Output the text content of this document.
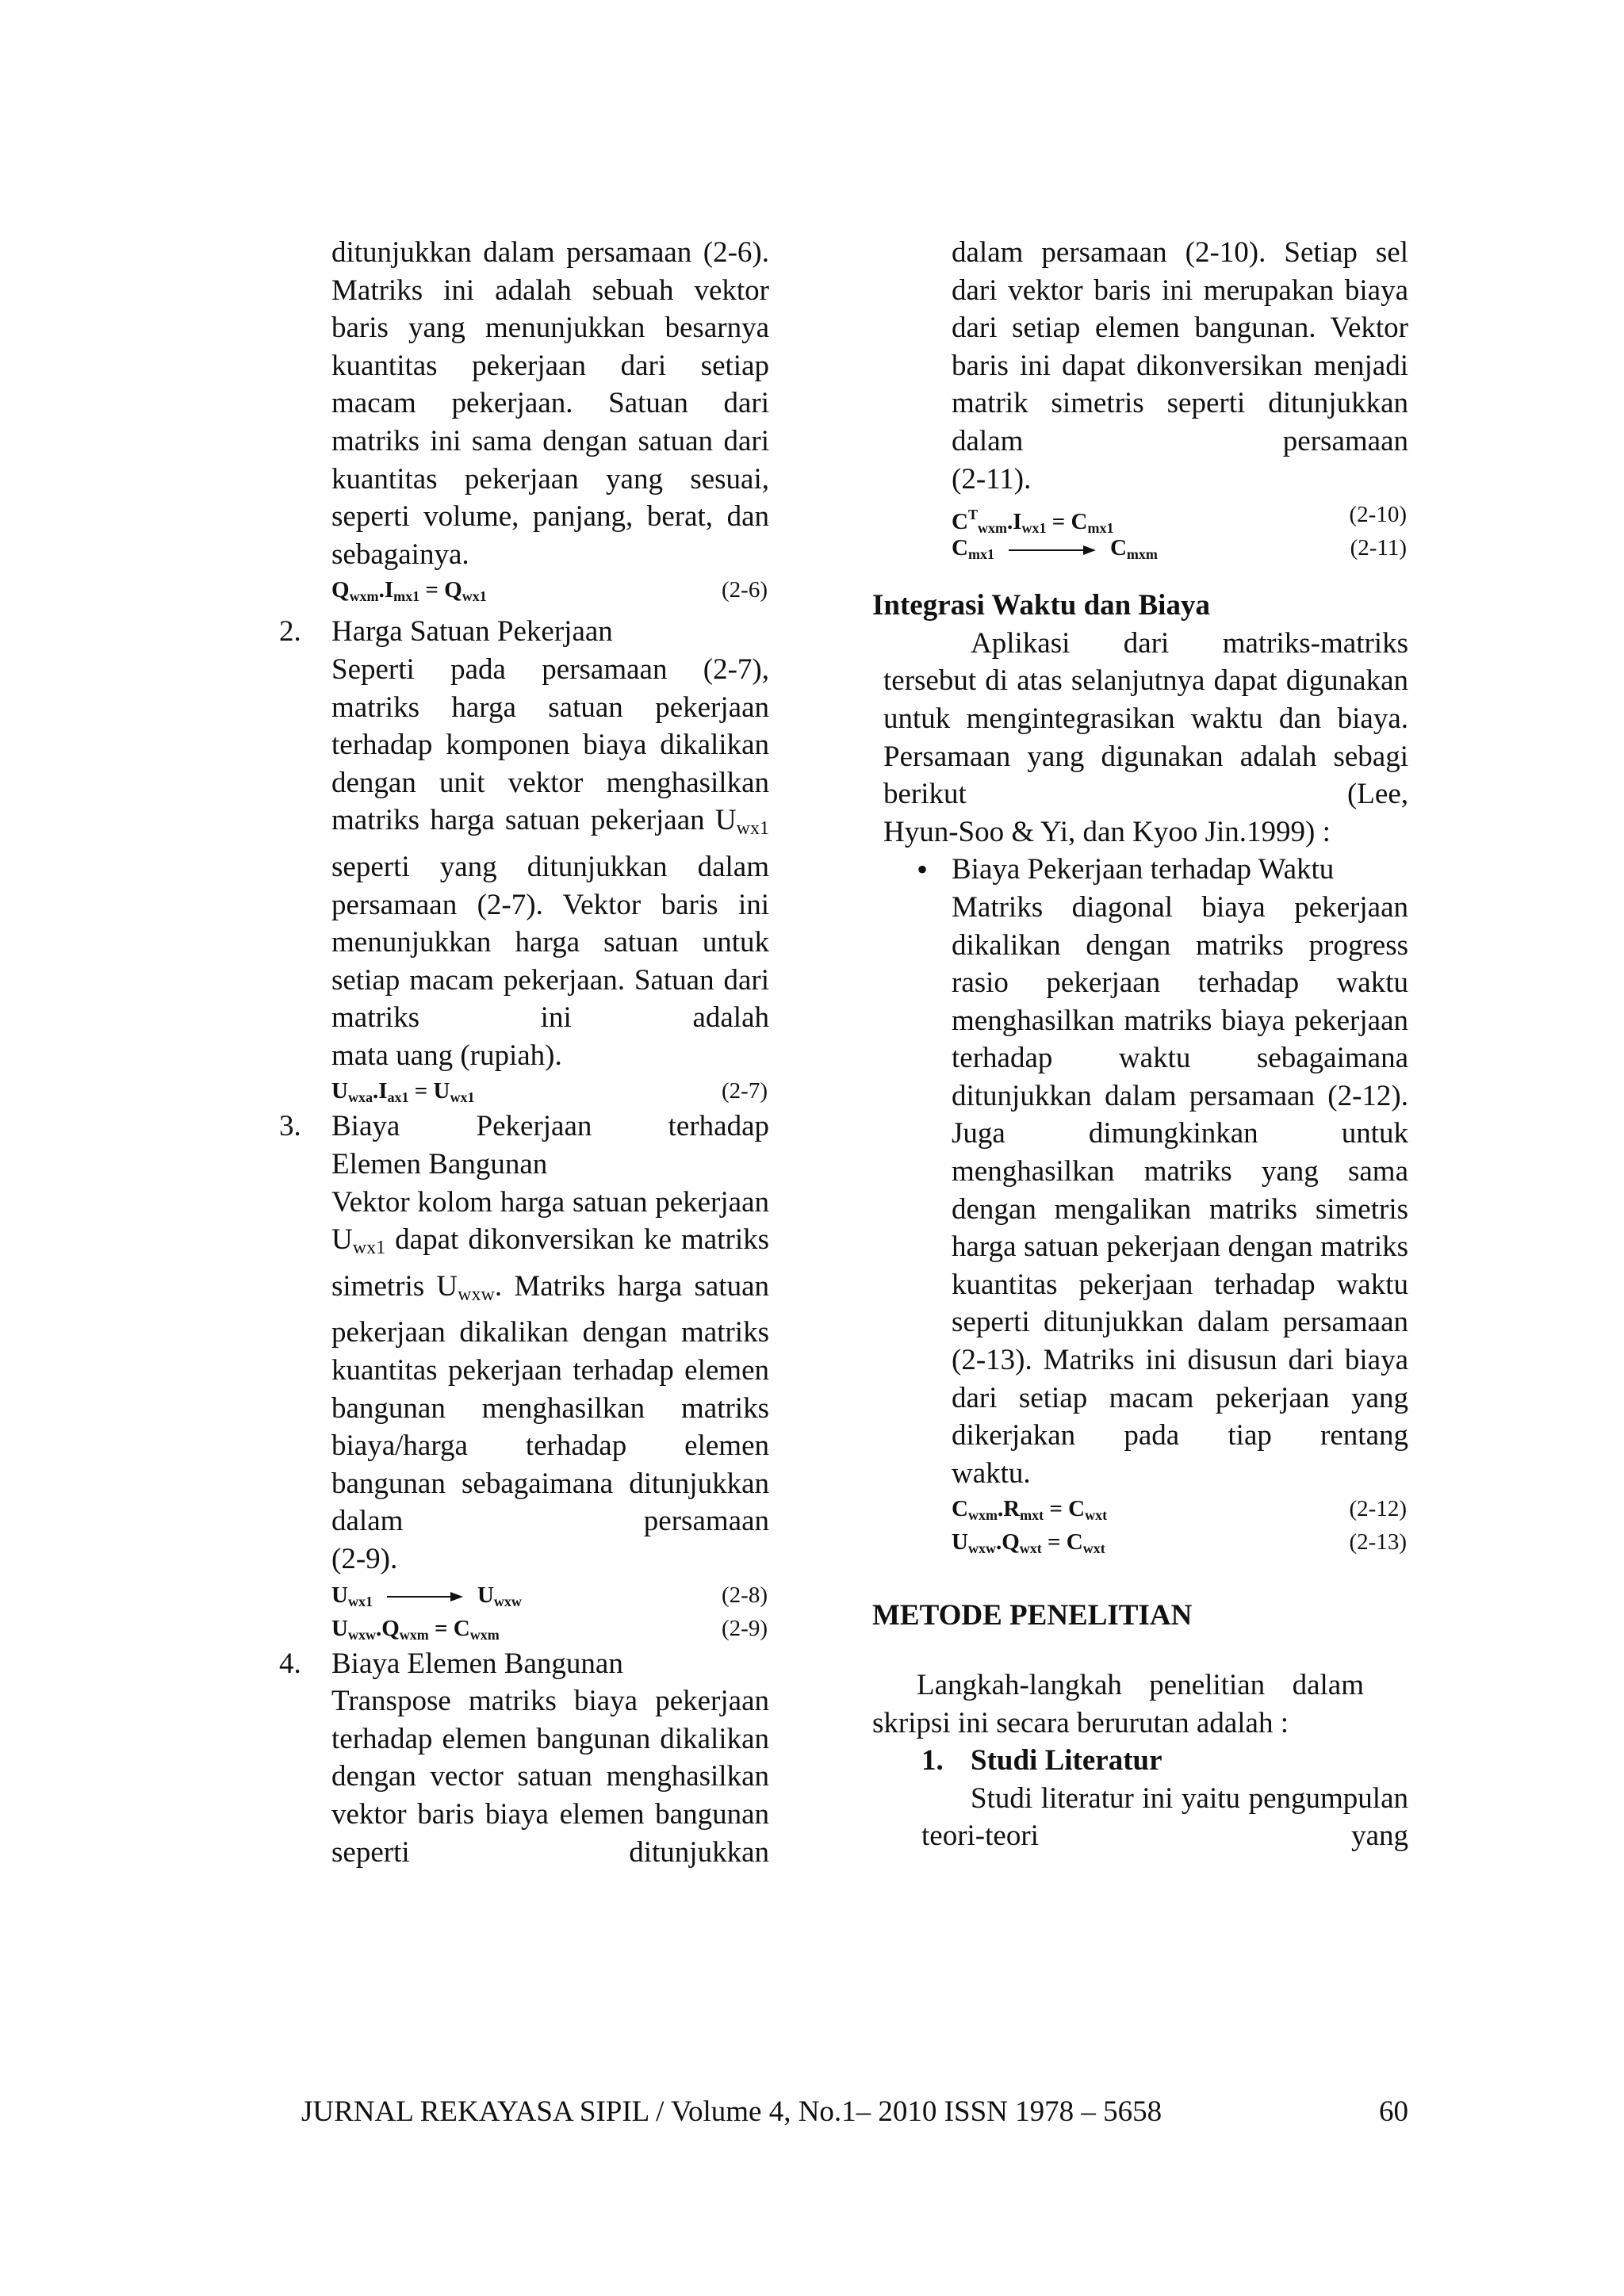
ditunjukkan dalam persamaan (2-6). Matriks ini adalah sebuah vektor baris yang menunjukkan besarnya kuantitas pekerjaan dari setiap macam pekerjaan. Satuan dari matriks ini sama dengan satuan dari kuantitas pekerjaan yang sesuai, seperti volume, panjang, berat, dan
sebagainya.
$Q_{wxm}.I_{mx1} = Q_{wx1}$	(2-6)
2. Harga Satuan Pekerjaan
Seperti pada persamaan (2-7), matriks harga satuan pekerjaan terhadap komponen biaya dikalikan dengan unit vektor menghasilkan matriks harga satuan pekerjaan $U_{wx1}$ seperti yang ditunjukkan dalam persamaan (2-7). Vektor baris ini menunjukkan harga satuan untuk setiap macam pekerjaan. Satuan dari matriks ini adalah
mata uang (rupiah).
$U_{wxa}.I_{ax1} = U_{wx1}$	(2-7)
3. Biaya Pekerjaan terhadap
Elemen Bangunan
Vektor kolom harga satuan pekerjaan $U_{wx1}$ dapat dikonversikan ke matriks simetris $U_{wxw}$. Matriks harga satuan pekerjaan dikalikan dengan matriks kuantitas pekerjaan terhadap elemen bangunan menghasilkan matriks biaya/harga terhadap elemen bangunan sebagaimana ditunjukkan dalam persamaan
(2-9).
$U_{wx1}$	$U_{wxw}$	(2-8)
$U_{wxw}.Q_{wxm} = C_{wxm}$	(2-9)
4. Biaya Elemen Bangunan
Transpose matriks biaya pekerjaan terhadap elemen bangunan dikalikan dengan vector satuan menghasilkan vektor baris biaya elemen bangunan seperti ditunjukkan
dalam persamaan (2-10). Setiap sel dari vektor baris ini merupakan biaya dari setiap elemen bangunan. Vektor baris ini dapat dikonversikan menjadi matrik simetris seperti ditunjukkan dalam persamaan
(2-11).
$C^T_{wxm}.I_{wx1} = C_{mx1}$
(2-10)
$C_{mx1}$	$C_{mxm}$	(2-11)
Integrasi Waktu dan Biaya
Aplikasi dari matriks-matriks tersebut di atas selanjutnya dapat digunakan untuk mengintegrasikan waktu dan biaya. Persamaan yang digunakan adalah sebagi berikut (Lee,
Hyun-Soo & Yi, dan Kyoo Jin.1999) :
• Biaya Pekerjaan terhadap Waktu
Matriks diagonal biaya pekerjaan dikalikan dengan matriks progress rasio pekerjaan terhadap waktu menghasilkan matriks biaya pekerjaan terhadap waktu sebagaimana ditunjukkan dalam persamaan (2-12). Juga dimungkinkan untuk menghasilkan matriks yang sama dengan mengalikan matriks simetris harga satuan pekerjaan dengan matriks kuantitas pekerjaan terhadap waktu seperti ditunjukkan dalam persamaan (2-13). Matriks ini disusun dari biaya dari setiap macam pekerjaan yang dikerjakan pada tiap rentang
waktu.
$C_{wxm}.R_{mxt} = C_{wxt}$	(2-12)
$U_{wxw}.Q_{wxt} = C_{wxt}$	(2-13)
METODE PENELITIAN
Langkah-langkah penelitian dalam
skripsi ini secara berurutan adalah :
1. Studi Literatur
Studi literatur ini yaitu pengumpulan teori-teori yang
JURNAL REKAYASA SIPIL / Volume 4, No.1– 2010 ISSN 1978 – 5658	60
